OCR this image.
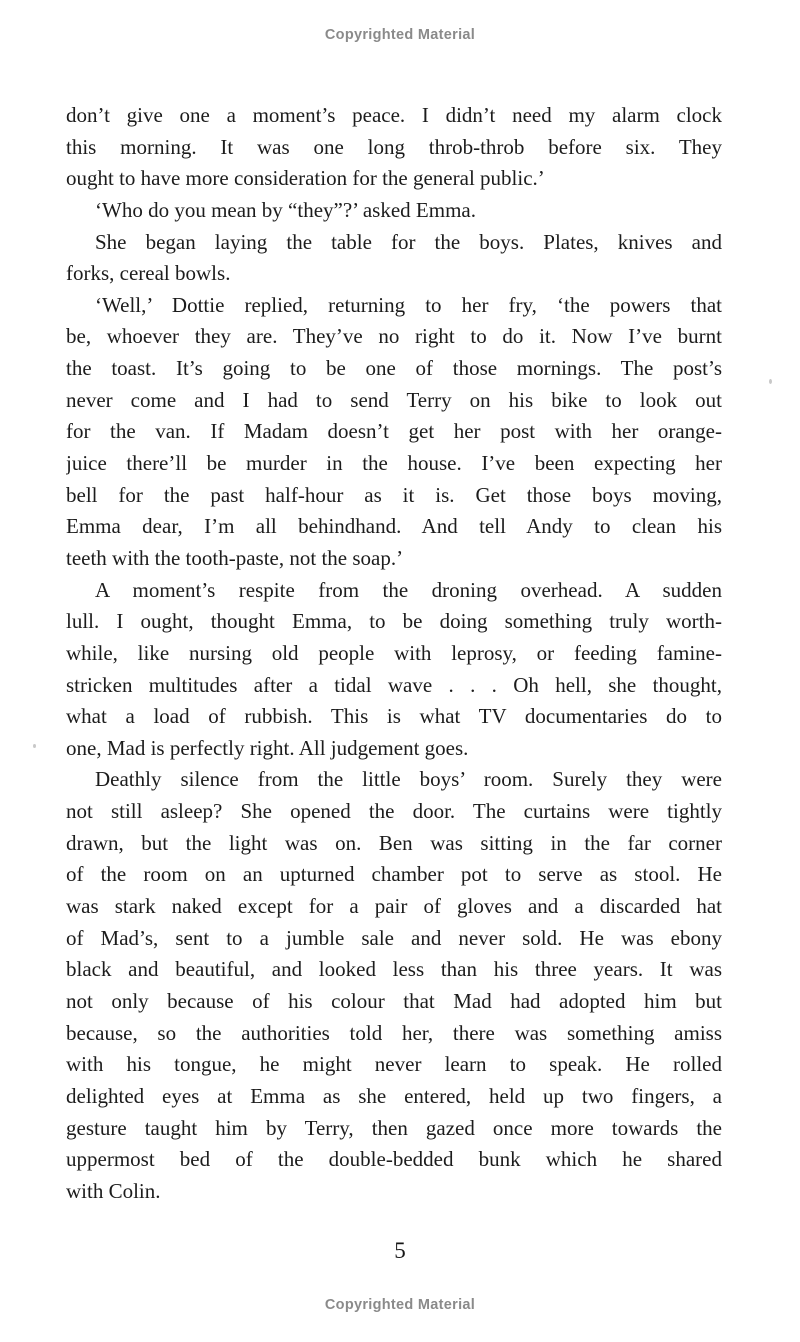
Copyrighted Material
don’t give one a moment’s peace. I didn’t need my alarm clock
this morning. It was one long throb-throb before six. They
ought to have more consideration for the general public.’
‘Who do you mean by “they”?’ asked Emma.
She began laying the table for the boys. Plates, knives and
forks, cereal bowls.
‘Well,’ Dottie replied, returning to her fry, ‘the powers that
be, whoever they are. They’ve no right to do it. Now I’ve burnt
the toast. It’s going to be one of those mornings. The post’s
never come and I had to send Terry on his bike to look out
for the van. If Madam doesn’t get her post with her orange-
juice there’ll be murder in the house. I’ve been expecting her
bell for the past half-hour as it is. Get those boys moving,
Emma dear, I’m all behindhand. And tell Andy to clean his
teeth with the tooth-paste, not the soap.’
A moment’s respite from the droning overhead. A sudden
lull. I ought, thought Emma, to be doing something truly worth-
while, like nursing old people with leprosy, or feeding famine-
stricken multitudes after a tidal wave . . . Oh hell, she thought,
what a load of rubbish. This is what TV documentaries do to
one, Mad is perfectly right. All judgement goes.
Deathly silence from the little boys’ room. Surely they were
not still asleep? She opened the door. The curtains were tightly
drawn, but the light was on. Ben was sitting in the far corner
of the room on an upturned chamber pot to serve as stool. He
was stark naked except for a pair of gloves and a discarded hat
of Mad’s, sent to a jumble sale and never sold. He was ebony
black and beautiful, and looked less than his three years. It was
not only because of his colour that Mad had adopted him but
because, so the authorities told her, there was something amiss
with his tongue, he might never learn to speak. He rolled
delighted eyes at Emma as she entered, held up two fingers, a
gesture taught him by Terry, then gazed once more towards the
uppermost bed of the double-bedded bunk which he shared
with Colin.
5
Copyrighted Material
